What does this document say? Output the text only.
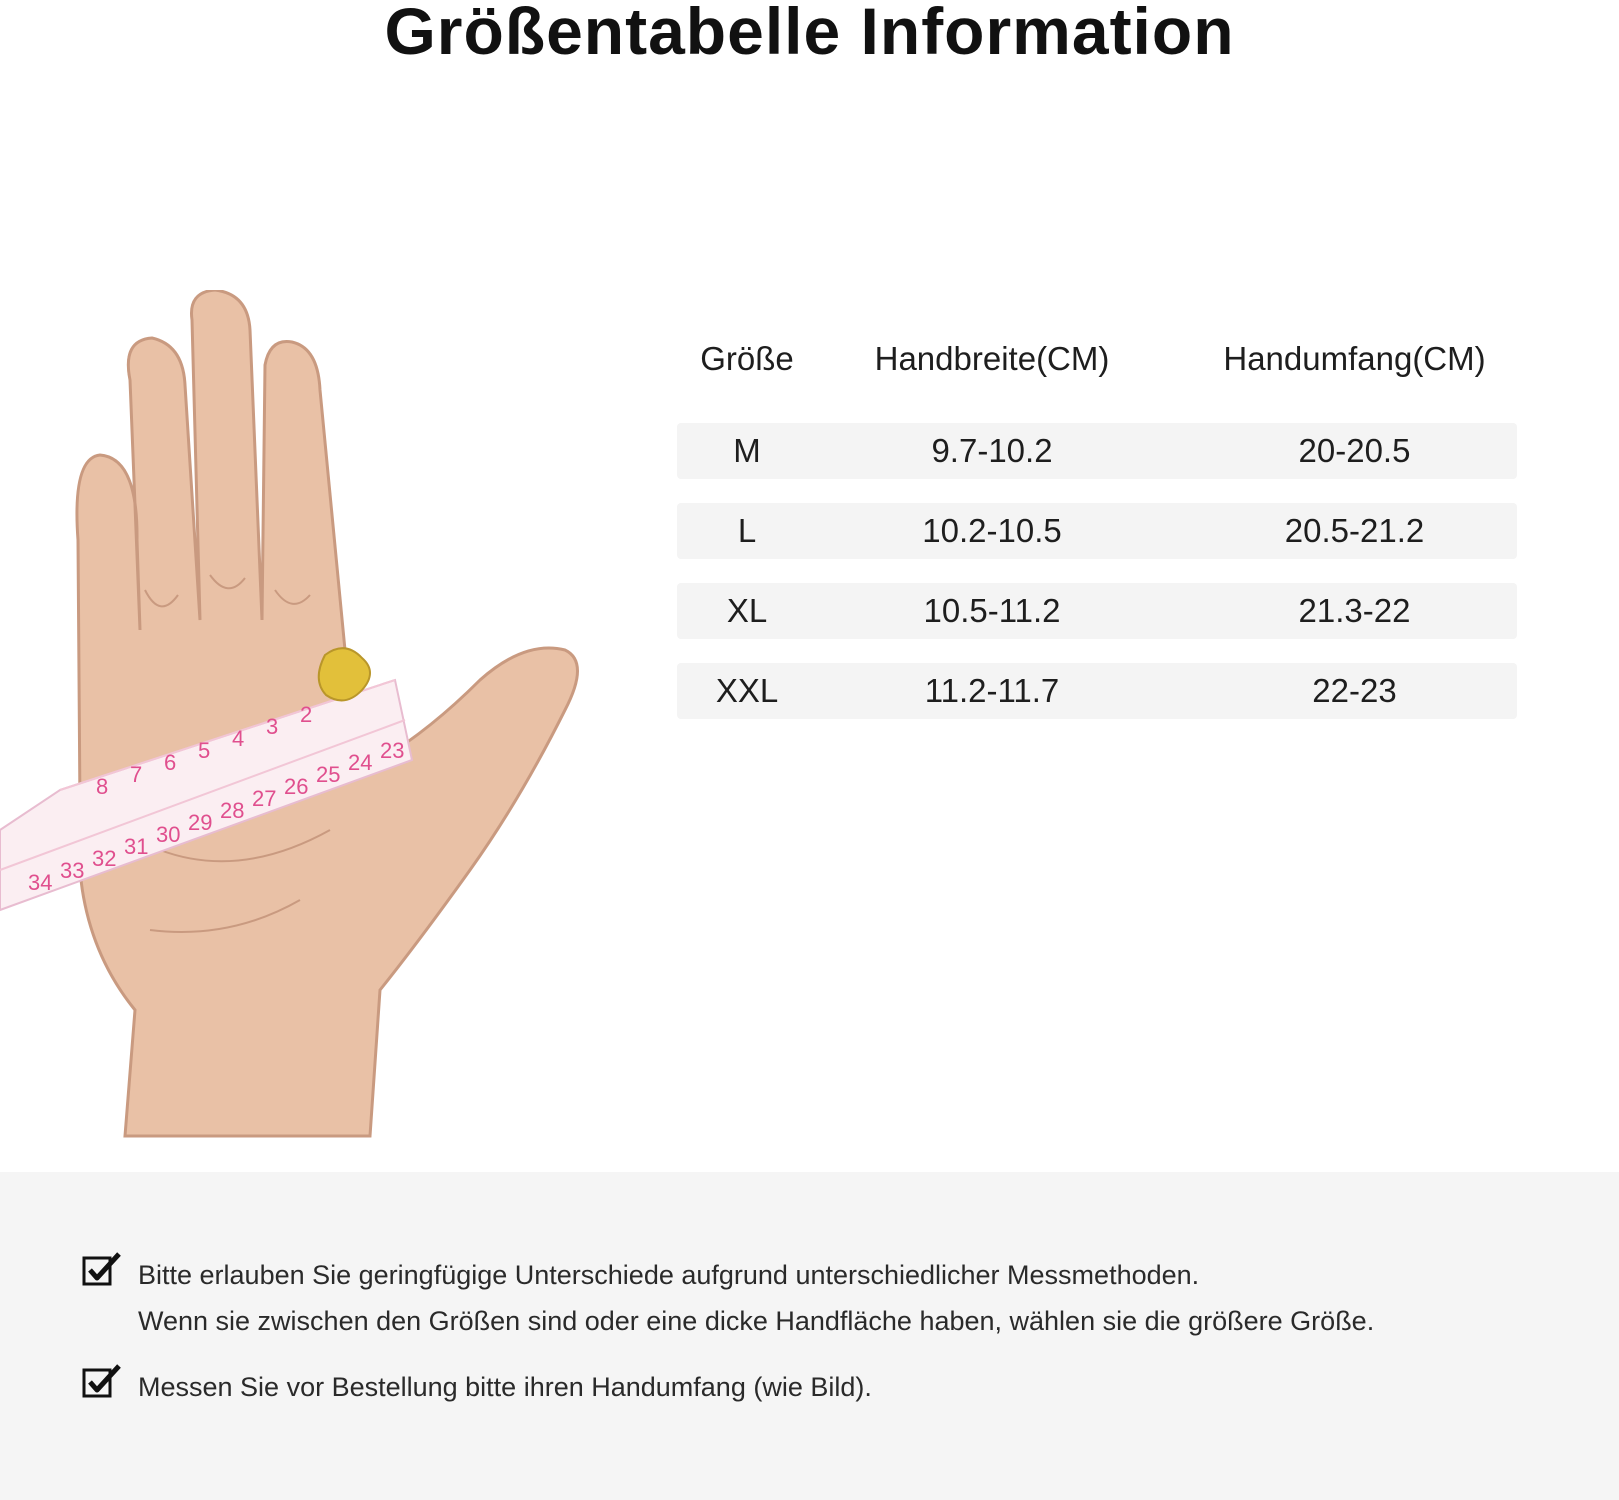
Größentabelle Information
2
3
4
5
6
7
8
23
24
25
26
27
28
29
30
31
32
33
34
Größe	Handbreite(CM)	Handumfang(CM)
M	9.7-10.2	20-20.5
L	10.2-10.5	20.5-21.2
XL	10.5-11.2	21.3-22
XXL	11.2-11.7	22-23
Bitte erlauben Sie geringfügige Unterschiede aufgrund unterschiedlicher Messmethoden.
Wenn sie zwischen den Größen sind oder eine dicke Handfläche haben, wählen sie die größere Größe.
Messen Sie vor Bestellung bitte ihren Handumfang (wie Bild).
